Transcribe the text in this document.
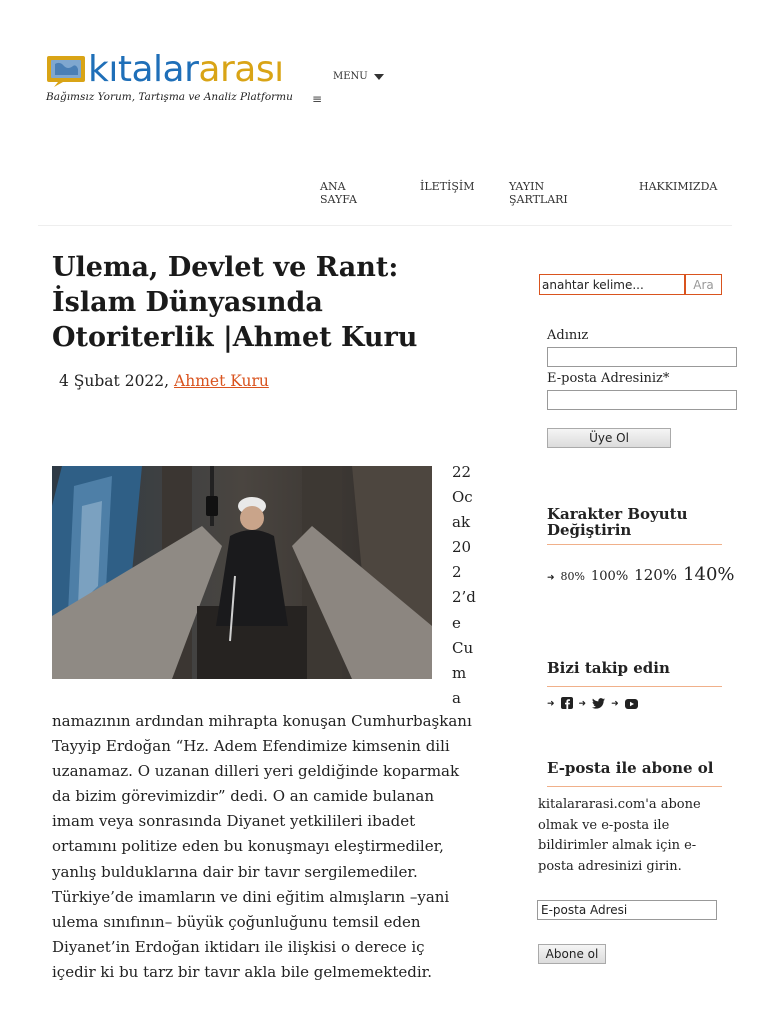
kıtalararası
Bağımsız Yorum, Tartışma ve Analiz Platformu
MENU
≡
ANA SAYFA
İLETİŞİM	YAYIN ŞARTLARI
HAKKIMIZDA
Ulema, Devlet ve Rant: İslam Dünyasında Otoriterlik |Ahmet Kuru
4 Şubat 2022, Ahmet Kuru
22 Ocak 2022’de Cuma

namazının ardından mihrapta konuşan Cumhurbaşkanı Tayyip Erdoğan “Hz. Adem Efendimize kimsenin dili uzanamaz. O uzanan dilleri yeri geldiğinde koparmak da bizim görevimizdir” dedi. O an camide bulanan imam veya sonrasında Diyanet yetkilileri ibadet ortamını politize eden bu konuşmayı eleştirmediler, yanlış bulduklarına dair bir tavır sergilemediler. Türkiye’de imamların ve dini eğitim almışların –yani ulema sınıfının– büyük çoğunluğunu temsil eden Diyanet’in Erdoğan iktidarı ile ilişkisi o derece iç içedir ki bu tarz bir tavır akla bile gelmemektedir.

anahtar kelime...
Ara
Adınız
E-posta Adresiniz*
Üye Ol
Karakter Boyutu Değiştirin
➜ 80% 100% 120% 140%
Bizi takip edin
➜	➜	➜
E-posta ile abone ol
kitalararasi.com'a abone olmak ve e-posta ile bildirimler almak için e-posta adresinizi girin.
E-posta Adresi
Abone ol
